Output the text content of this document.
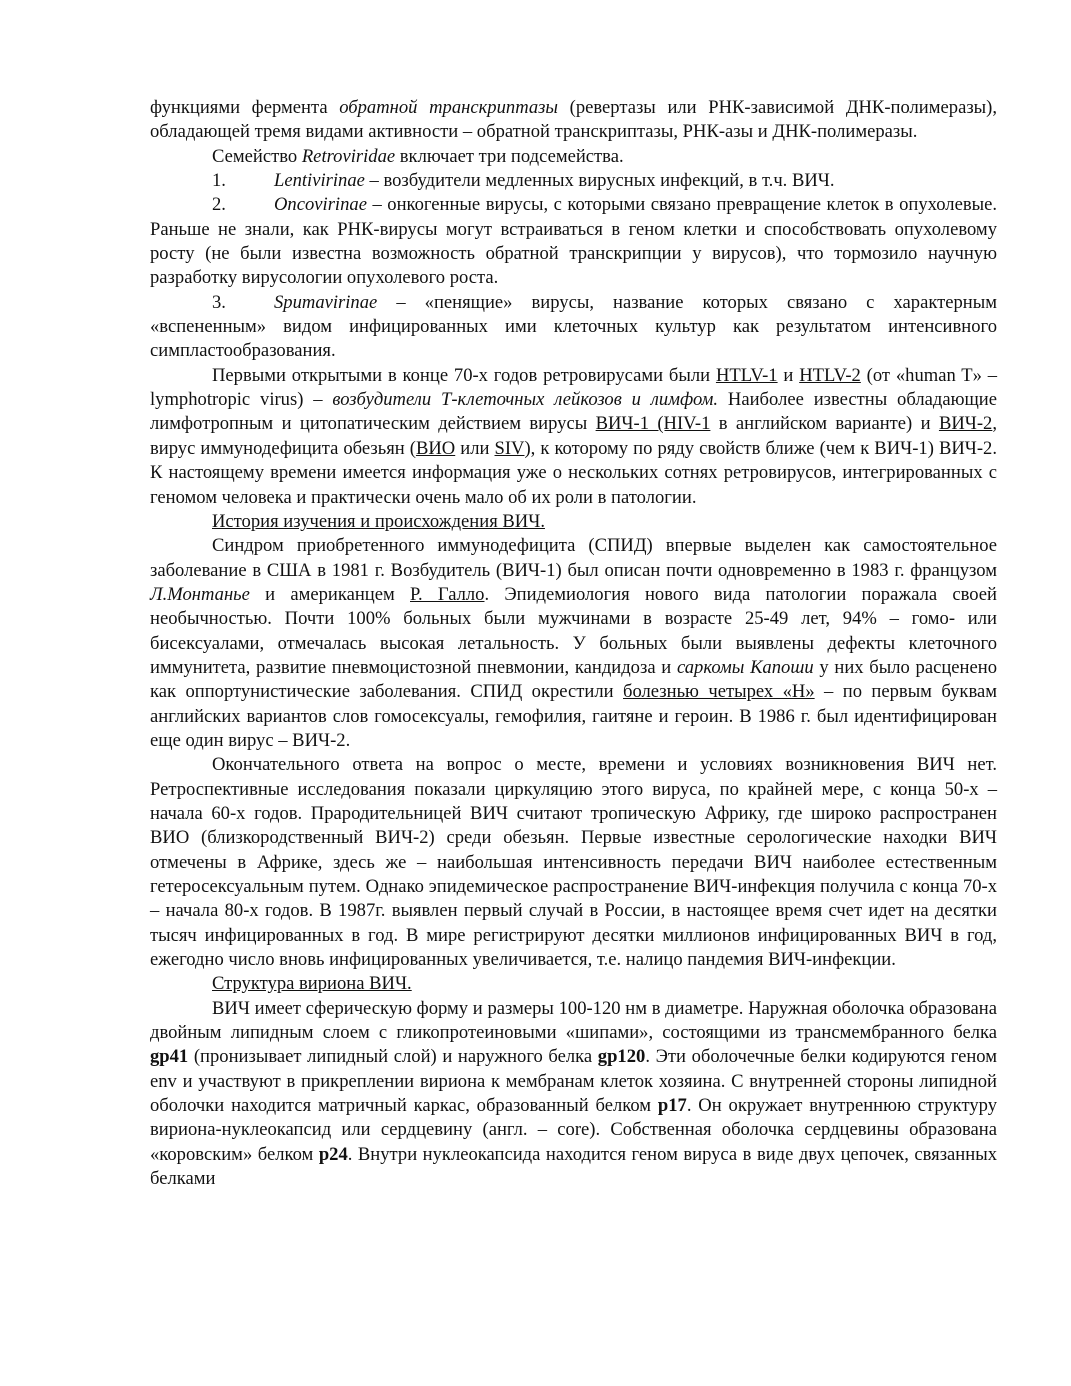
функциями фермента обратной транскриптазы (ревертазы или РНК-зависимой ДНК-полимеразы), обладающей тремя видами активности – обратной транскриптазы, РНК-азы и ДНК-полимеразы.

Семейство Retroviridae включает три подсемейства.

1.	Lentivirinae – возбудители медленных вирусных инфекций, в т.ч. ВИЧ.

2.	Oncovirinae – онкогенные вирусы, с которыми связано превращение клеток в опухолевые. Раньше не знали, как РНК-вирусы могут встраиваться в геном клетки и способствовать опухолевому росту (не были известна возможность обратной транскрипции у вирусов), что тормозило научную разработку вирусологии опухолевого роста.

3.	Spumavirinae – «пенящие» вирусы, название которых связано с характерным «вспененным» видом инфицированных ими клеточных культур как результатом интенсивного симпластообразования.

Первыми открытыми в конце 70-х годов ретровирусами были HTLV-1 и HTLV-2 (от «human T» – lymphotropic virus) – возбудители Т-клеточных лейкозов и лимфом. Наиболее известны обладающие лимфотропным и цитопатическим действием вирусы ВИЧ-1 (HIV-1 в английском варианте) и ВИЧ-2, вирус иммунодефицита обезьян (ВИО или SIV), к которому по ряду свойств ближе (чем к ВИЧ-1) ВИЧ-2. К настоящему времени имеется информация уже о нескольких сотнях ретровирусов, интегрированных с геномом человека и практически очень мало об их роли в патологии.

История изучения и происхождения ВИЧ.

Синдром приобретенного иммунодефицита (СПИД) впервые выделен как самостоятельное заболевание в США в 1981 г. Возбудитель (ВИЧ-1) был описан почти одновременно в 1983 г. французом Л.Монтанье и американцем Р. Галло. Эпидемиология нового вида патологии поражала своей необычностью. Почти 100% больных были мужчинами в возрасте 25-49 лет, 94% – гомо- или бисексуалами, отмечалась высокая летальность. У больных были выявлены дефекты клеточного иммунитета, развитие пневмоцистозной пневмонии, кандидоза и саркомы Капоши у них было расценено как оппортунистические заболевания. СПИД окрестили болезнью четырех «Н» – по первым буквам английских вариантов слов гомосексуалы, гемофилия, гаитяне и героин. В 1986 г. был идентифицирован еще один вирус – ВИЧ-2.

Окончательного ответа на вопрос о месте, времени и условиях возникновения ВИЧ нет. Ретроспективные исследования показали циркуляцию этого вируса, по крайней мере, с конца 50-х – начала 60-х годов. Прародительницей ВИЧ считают тропическую Африку, где широко распространен ВИО (близкородственный ВИЧ-2) среди обезьян. Первые известные серологические находки ВИЧ отмечены в Африке, здесь же – наибольшая интенсивность передачи ВИЧ наиболее естественным гетеросексуальным путем. Однако эпидемическое распространение ВИЧ-инфекция получила с конца 70-х – начала 80-х годов. В 1987г. выявлен первый случай в России, в настоящее время счет идет на десятки тысяч инфицированных в год. В мире регистрируют десятки миллионов инфицированных ВИЧ в год, ежегодно число вновь инфицированных увеличивается, т.е. налицо пандемия ВИЧ-инфекции.

Структура вириона ВИЧ.

ВИЧ имеет сферическую форму и размеры 100-120 нм в диаметре. Наружная оболочка образована двойным липидным слоем с гликопротеиновыми «шипами», состоящими из трансмембранного белка gp41 (пронизывает липидный слой) и наружного белка gp120. Эти оболочечные белки кодируются геном env и участвуют в прикреплении вириона к мембранам клеток хозяина. С внутренней стороны липидной оболочки находится матричный каркас, образованный белком p17. Он окружает внутреннюю структуру вириона-нуклеокапсид или сердцевину (англ. – core). Собственная оболочка сердцевины образована «коровским» белком p24. Внутри нуклеокапсида находится геном вируса в виде двух цепочек, связанных белками
